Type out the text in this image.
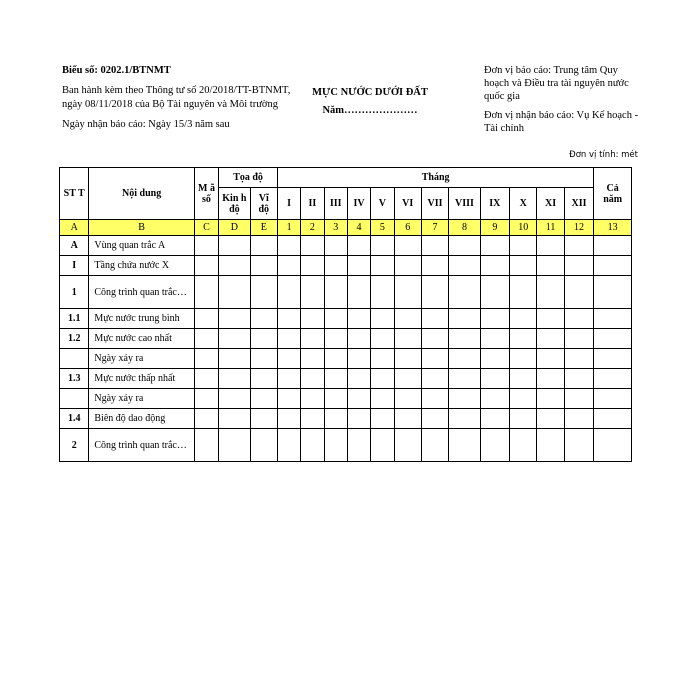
Biểu số: 0202.1/BTNMT
Ban hành kèm theo Thông tư số 20/2018/TT-BTNMT, ngày 08/11/2018 của Bộ Tài nguyên và Môi trường
Ngày nhận báo cáo: Ngày 15/3 năm sau
MỰC NƯỚC DƯỚI ĐẤT
Năm…………………
Đơn vị báo cáo: Trung tâm Quy hoạch và Điều tra tài nguyên nước quốc gia
Đơn vị nhận báo cáo: Vụ Kế hoạch - Tài chính
Đơn vị tính: mét
ST T	Nội dung	M ã số	Tọa độ		Tháng												Cả năm
			Kin h độ	Vĩ độ	I	II	III	IV	V	VI	VII	VIII	IX	X	XI	XII	
A	B	C	D	E	1	2	3	4	5	6	7	8	9	10	11	12	13
A	Vùng quan trắc A																
I	Tầng chứa nước X																
1	Công trình quan trắc…																
1.1	Mực nước trung bình																
1.2	Mực nước cao nhất																
	Ngày xảy ra																
1.3	Mực nước thấp nhất																
	Ngày xảy ra																
1.4	Biên độ dao động																
2	Công trình quan trắc…																
